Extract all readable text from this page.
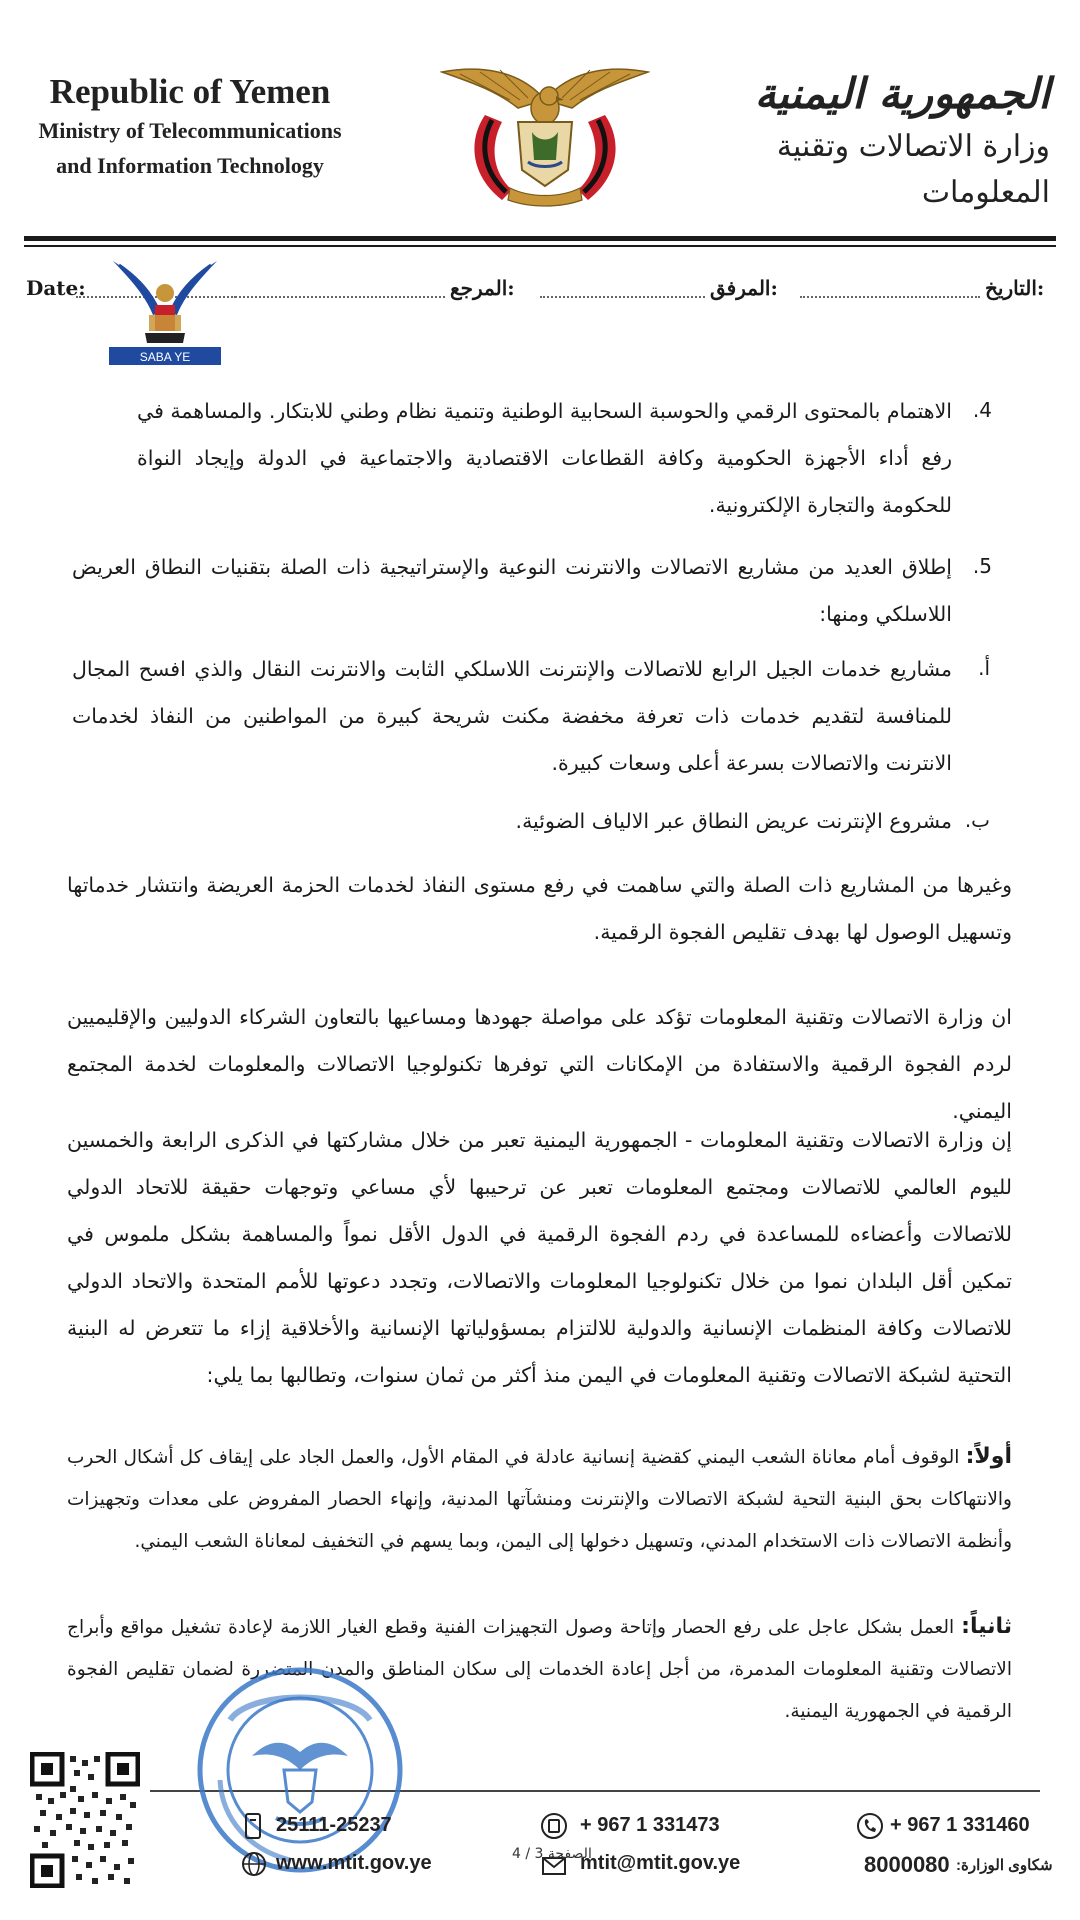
Republic of Yemen
Ministry of Telecommunications
and Information Technology
الجمهورية اليمنية
وزارة الاتصالات وتقنية المعلومات
Date:
SABA YE
المرجع:	المرفق:	التاريخ:
.4
الاهتمام بالمحتوى الرقمي والحوسبة السحابية الوطنية وتنمية نظام وطني للابتكار. والمساهمة في رفع أداء الأجهزة الحكومية وكافة القطاعات الاقتصادية والاجتماعية في الدولة وإيجاد النواة للحكومة والتجارة الإلكترونية.
.5
إطلاق العديد من مشاريع الاتصالات والانترنت النوعية والإستراتيجية ذات الصلة بتقنيات النطاق العريض اللاسلكي ومنها:
.أ
مشاريع خدمات الجيل الرابع للاتصالات والإنترنت اللاسلكي الثابت والانترنت النقال والذي افسح المجال للمنافسة لتقديم خدمات ذات تعرفة مخفضة مكنت شريحة كبيرة من المواطنين من النفاذ لخدمات الانترنت والاتصالات بسرعة أعلى وسعات كبيرة.
.ب
مشروع الإنترنت عريض النطاق عبر الالياف الضوئية.
وغيرها من المشاريع ذات الصلة والتي ساهمت في رفع مستوى النفاذ لخدمات الحزمة العريضة وانتشار خدماتها وتسهيل الوصول لها بهدف تقليص الفجوة الرقمية.
ان وزارة الاتصالات وتقنية المعلومات تؤكد على مواصلة جهودها ومساعيها بالتعاون الشركاء الدوليين والإقليميين لردم الفجوة الرقمية والاستفادة من الإمكانات التي توفرها تكنولوجيا الاتصالات والمعلومات لخدمة المجتمع اليمني.
إن وزارة الاتصالات وتقنية المعلومات - الجمهورية اليمنية تعبر من خلال مشاركتها في الذكرى الرابعة والخمسين لليوم العالمي للاتصالات ومجتمع المعلومات تعبر عن ترحيبها لأي مساعي وتوجهات حقيقة للاتحاد الدولي للاتصالات وأعضاءه للمساعدة في ردم الفجوة الرقمية في الدول الأقل نمواً والمساهمة بشكل ملموس في تمكين أقل البلدان نموا من خلال تكنولوجيا المعلومات والاتصالات، وتجدد دعوتها للأمم المتحدة والاتحاد الدولي للاتصالات وكافة المنظمات الإنسانية والدولية للالتزام بمسؤولياتها الإنسانية والأخلاقية إزاء ما تتعرض له البنية التحتية لشبكة الاتصالات وتقنية المعلومات في اليمن منذ أكثر من ثمان سنوات، وتطالبها بما يلي:
أولاً: الوقوف أمام معاناة الشعب اليمني كقضية إنسانية عادلة في المقام الأول، والعمل الجاد على إيقاف كل أشكال الحرب والانتهاكات بحق البنية التحية لشبكة الاتصالات والإنترنت ومنشآتها المدنية، وإنهاء الحصار المفروض على معدات وتجهيزات وأنظمة الاتصالات ذات الاستخدام المدني، وتسهيل دخولها إلى اليمن، وبما يسهم في التخفيف لمعاناة الشعب اليمني.
ثانياً: العمل بشكل عاجل على رفع الحصار وإتاحة وصول التجهيزات الفنية وقطع الغيار اللازمة لإعادة تشغيل مواقع وأبراج الاتصالات وتقنية المعلومات المدمرة، من أجل إعادة الخدمات إلى سكان المناطق والمدن المتضررة لضمان تقليص الفجوة الرقمية في الجمهورية اليمنية.
25111-25237
www.mtit.gov.ye
+ 967 1 331473
mtit@mtit.gov.ye
+ 967 1 331460
8000080 شكاوى الوزارة:
الصفحة 3 / 4
